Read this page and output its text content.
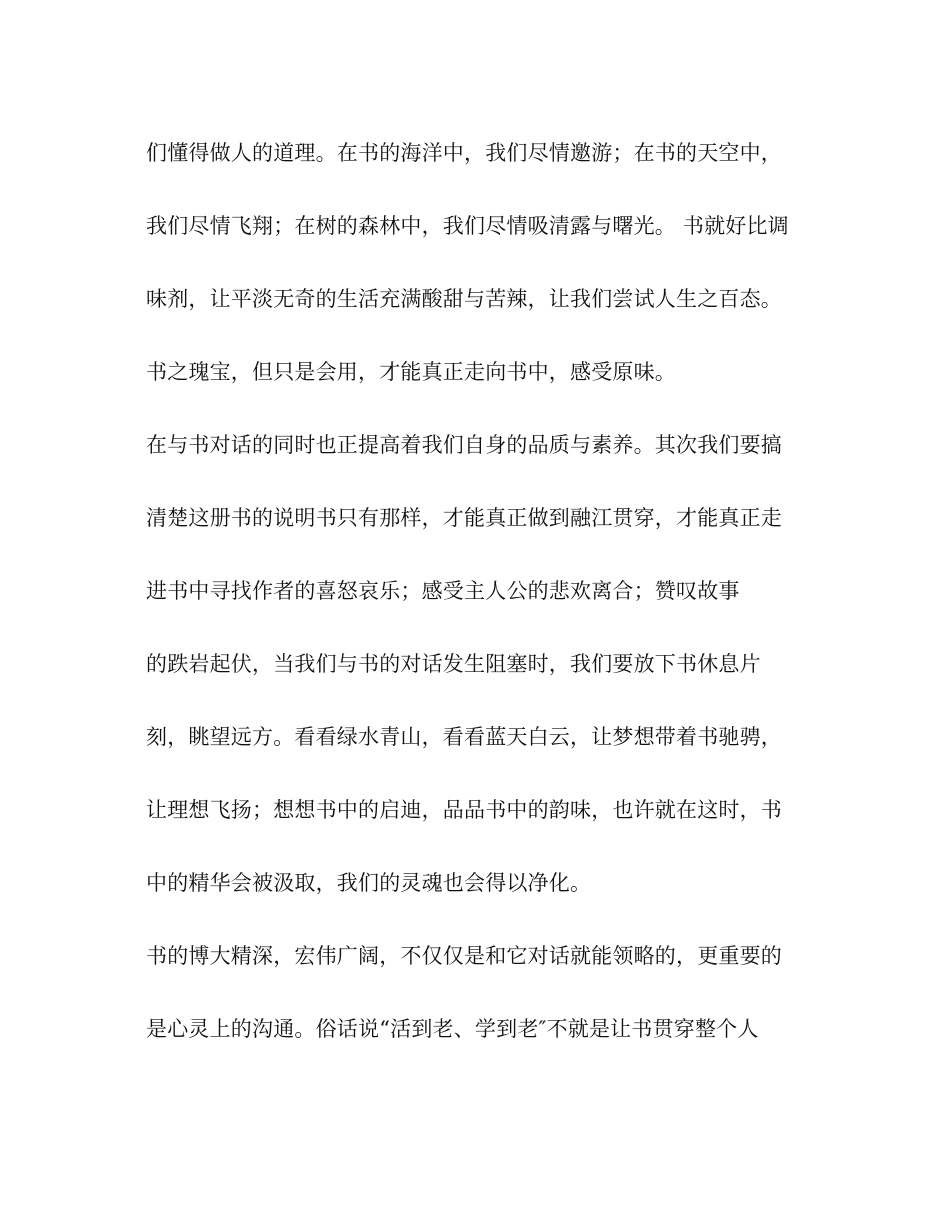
们懂得做人的道理。在书的海洋中，我们尽情邀游；在书的天空中，
我们尽情飞翔；在树的森林中，我们尽情吸清露与曙光。 书就好比调
味剂，让平淡无奇的生活充满酸甜与苦辣，让我们尝试人生之百态。
书之瑰宝，但只是会用，才能真正走向书中，感受原味。
在与书对话的同时也正提高着我们自身的品质与素养。其次我们要搞
清楚这册书的说明书只有那样，才能真正做到融江贯穿，才能真正走
进书中寻找作者的喜怒哀乐；感受主人公的悲欢离合；赞叹故事
的跌岩起伏，当我们与书的对话发生阻塞时，我们要放下书休息片
刻，眺望远方。看看绿水青山，看看蓝天白云，让梦想带着书驰骋，
让理想飞扬；想想书中的启迪，品品书中的韵味，也许就在这时，书
中的精华会被汲取，我们的灵魂也会得以净化。
书的博大精深，宏伟广阔，不仅仅是和它对话就能领略的，更重要的
是心灵上的沟通。俗话说“活到老、学到老″不就是让书贯穿整个人
